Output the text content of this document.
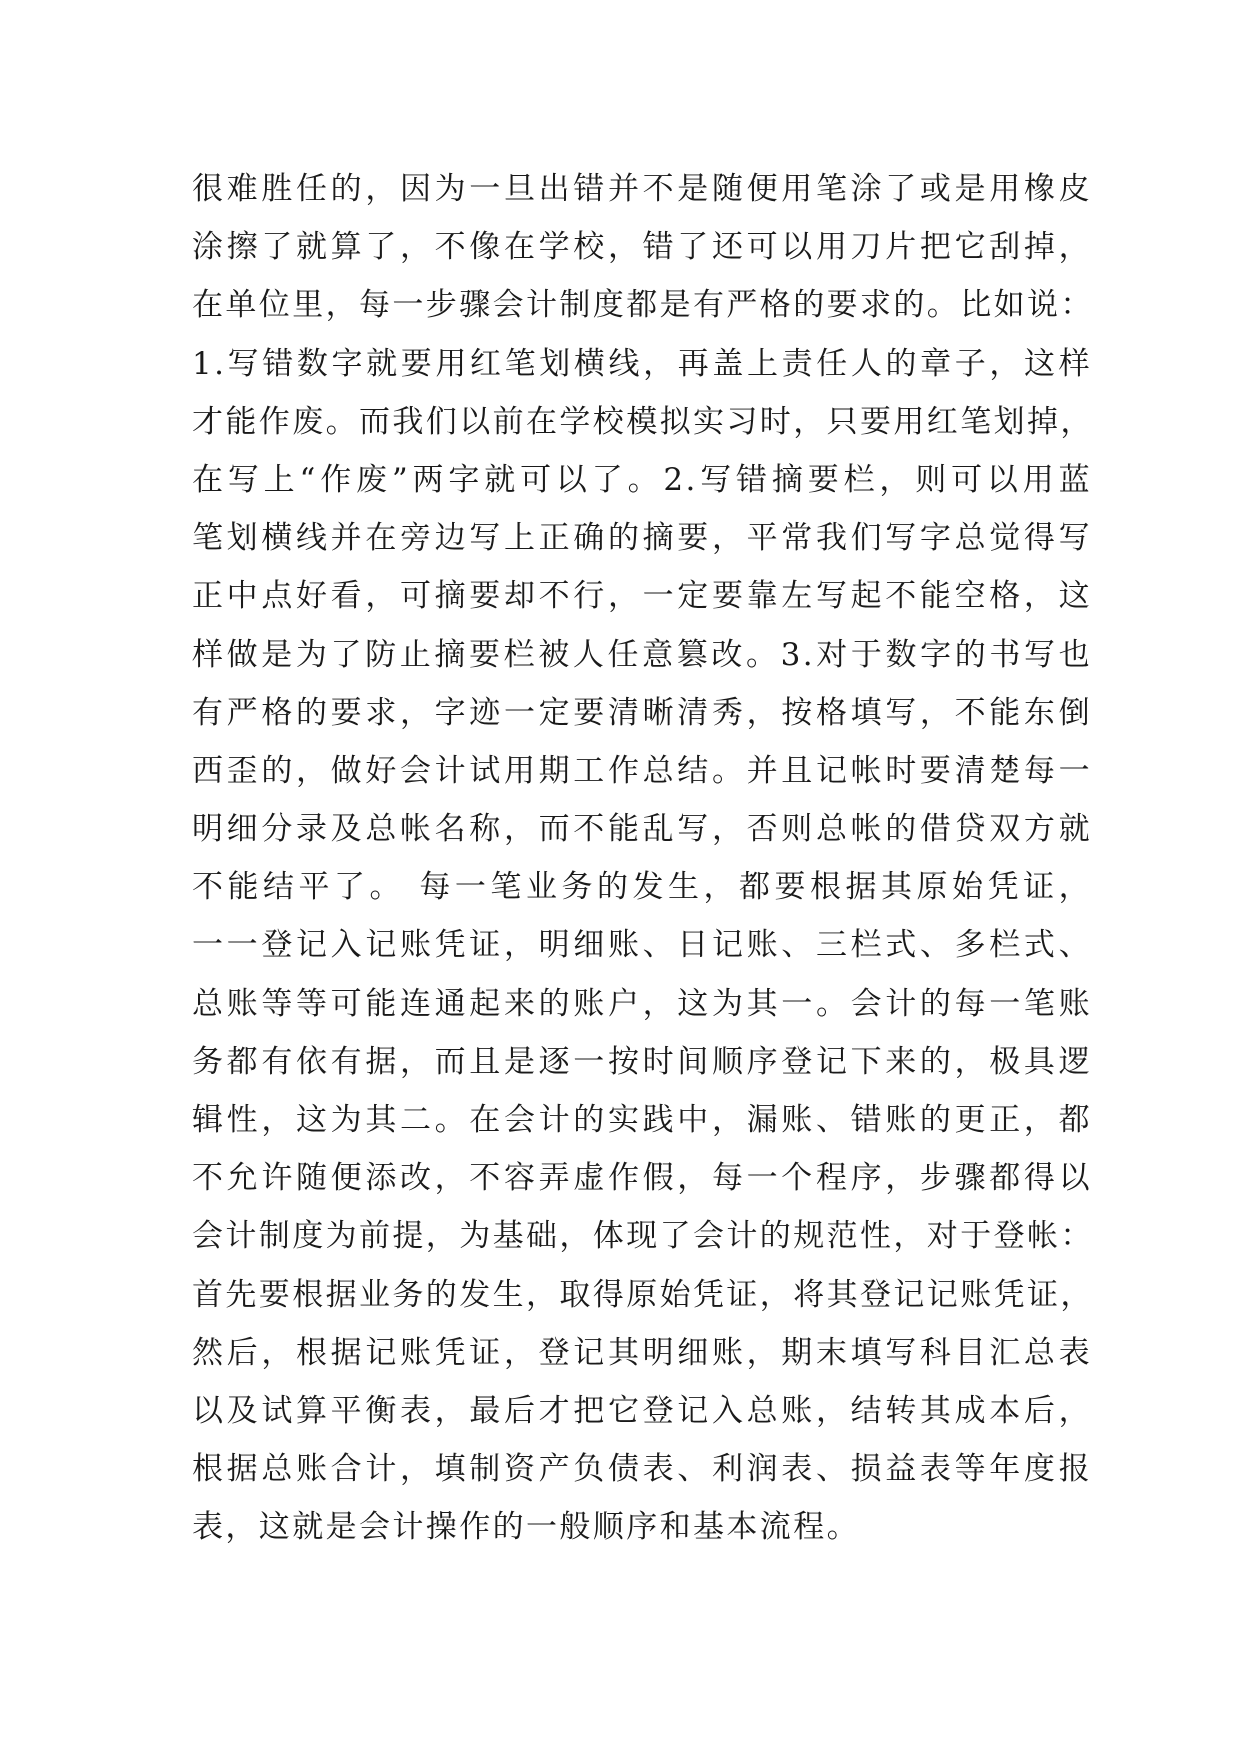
很难胜任的，因为一旦出错并不是随便用笔涂了或是用橡皮
涂擦了就算了，不像在学校，错了还可以用刀片把它刮掉，
在单位里，每一步骤会计制度都是有严格的要求的。比如说：
1.写错数字就要用红笔划横线，再盖上责任人的章子，这样
才能作废。而我们以前在学校模拟实习时，只要用红笔划掉，
在写上“作废”两字就可以了。2.写错摘要栏，则可以用蓝
笔划横线并在旁边写上正确的摘要，平常我们写字总觉得写
正中点好看，可摘要却不行，一定要靠左写起不能空格，这
样做是为了防止摘要栏被人任意篡改。3.对于数字的书写也
有严格的要求，字迹一定要清晰清秀，按格填写，不能东倒
西歪的，做好会计试用期工作总结。并且记帐时要清楚每一
明细分录及总帐名称，而不能乱写，否则总帐的借贷双方就
不能结平了。 每一笔业务的发生，都要根据其原始凭证，
一一登记入记账凭证，明细账、日记账、三栏式、多栏式、
总账等等可能连通起来的账户，这为其一。会计的每一笔账
务都有依有据，而且是逐一按时间顺序登记下来的，极具逻
辑性，这为其二。在会计的实践中，漏账、错账的更正，都
不允许随便添改，不容弄虚作假，每一个程序，步骤都得以
会计制度为前提，为基础，体现了会计的规范性，对于登帐：
首先要根据业务的发生，取得原始凭证，将其登记记账凭证，
然后，根据记账凭证，登记其明细账，期末填写科目汇总表
以及试算平衡表，最后才把它登记入总账，结转其成本后，
根据总账合计，填制资产负债表、利润表、损益表等年度报
表，这就是会计操作的一般顺序和基本流程。
